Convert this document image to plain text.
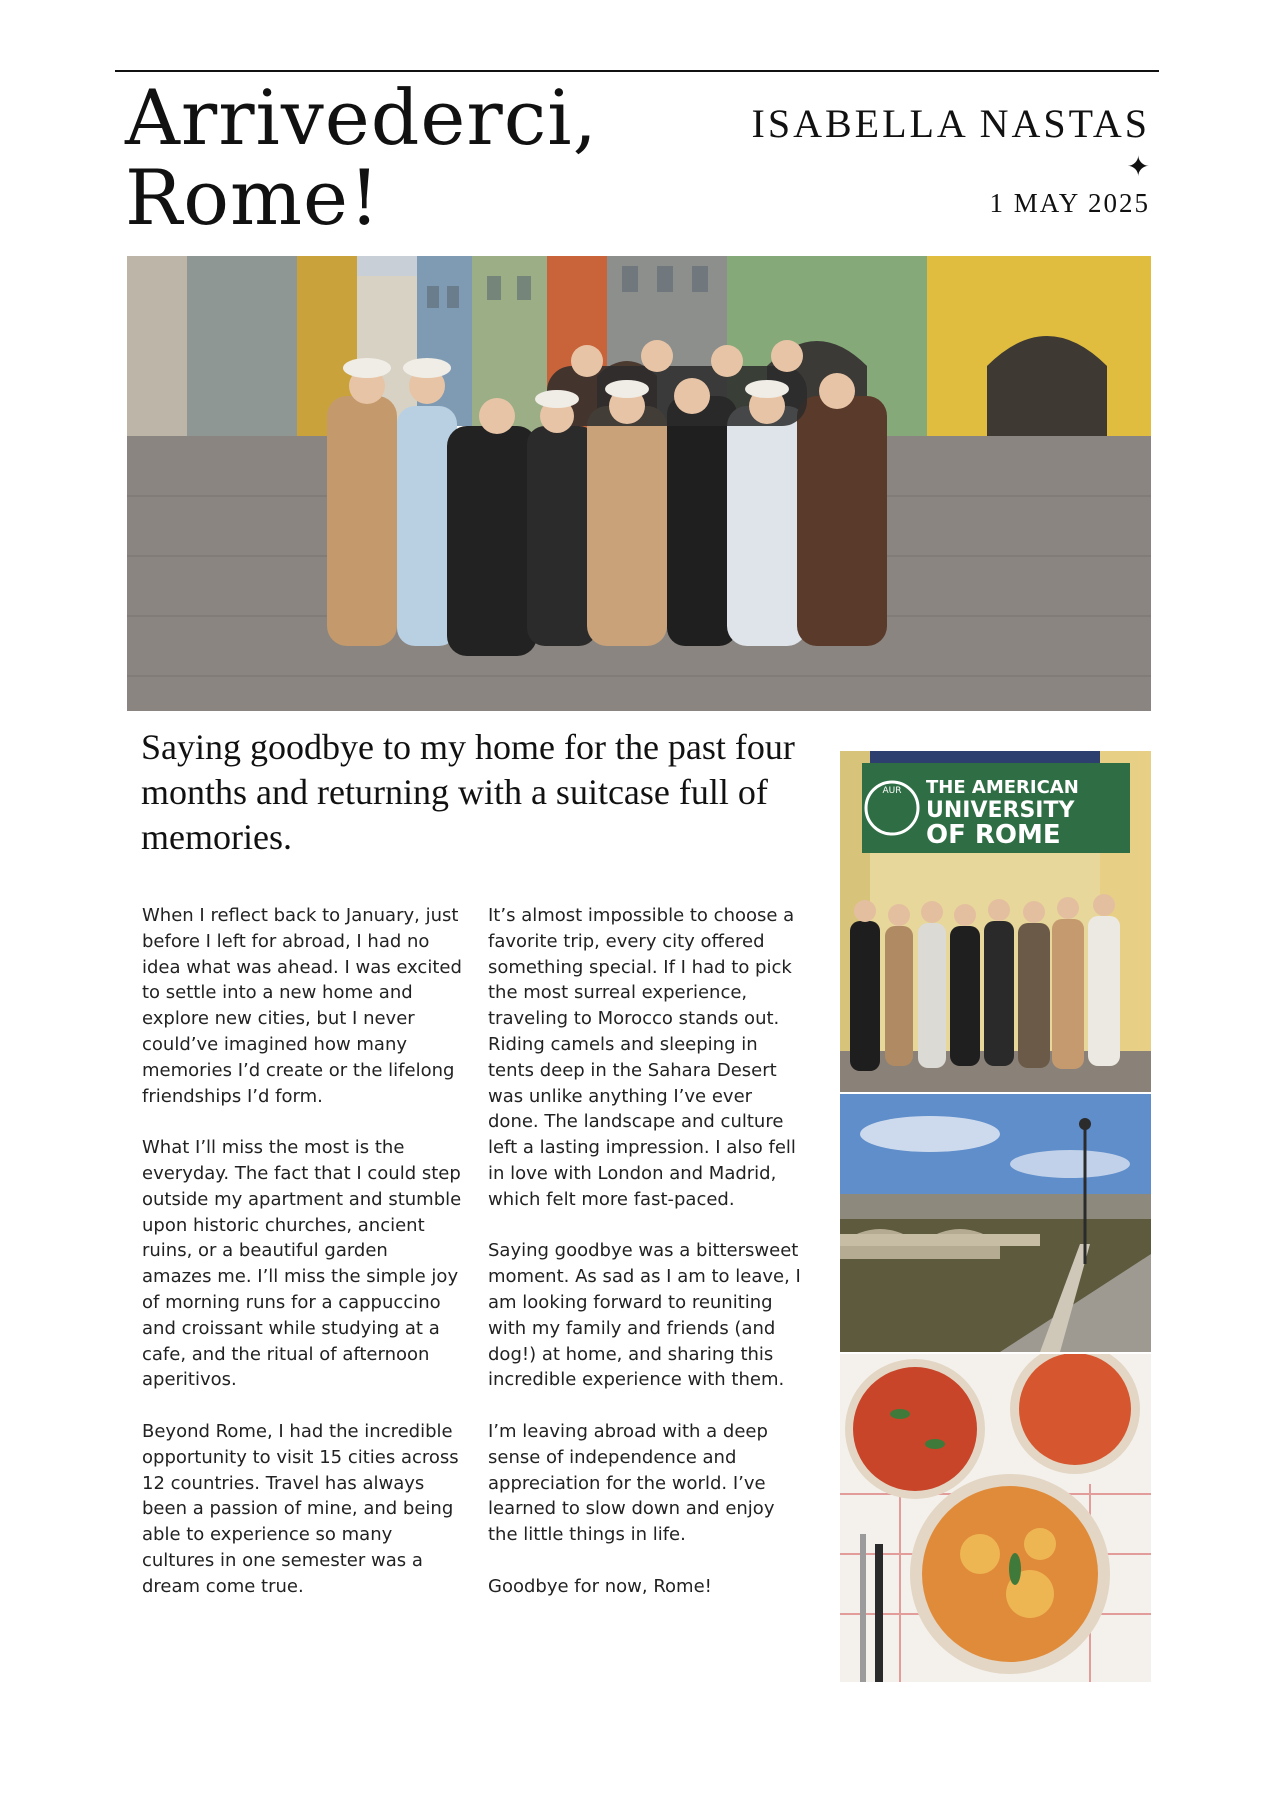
Arrivederci,
Rome!
ISABELLA NASTAS
✦
1 MAY 2025
Saying goodbye to my home for the past four months and returning with a suitcase full of memories.

When I reflect back to January, just before I left for abroad, I had no idea what was ahead. I was excited to settle into a new home and explore new cities, but I never could’ve imagined how many memories I’d create or the lifelong friendships I’d form.

What I’ll miss the most is the everyday. The fact that I could step outside my apartment and stumble upon historic churches, ancient ruins, or a beautiful garden amazes me. I’ll miss the simple joy of morning runs for a cappuccino and croissant while studying at a cafe, and the ritual of afternoon aperitivos.

Beyond Rome, I had the incredible opportunity to visit 15 cities across 12 countries. Travel has always been a passion of mine, and being able to experience so many cultures in one semester was a dream come true.

It’s almost impossible to choose a favorite trip, every city offered something special. If I had to pick the most surreal experience, traveling to Morocco stands out. Riding camels and sleeping in tents deep in the Sahara Desert was unlike anything I’ve ever done. The landscape and culture left a lasting impression. I also fell in love with London and Madrid, which felt more fast-paced.

Saying goodbye was a bittersweet moment. As sad as I am to leave, I am looking forward to reuniting with my family and friends (and dog!) at home, and sharing this incredible experience with them.

I’m leaving abroad with a deep sense of independence and appreciation for the world. I’ve learned to slow down and enjoy the little things in life.

Goodbye for now, Rome!

AUR THE AMERICAN
UNIVERSITY
OF ROME
